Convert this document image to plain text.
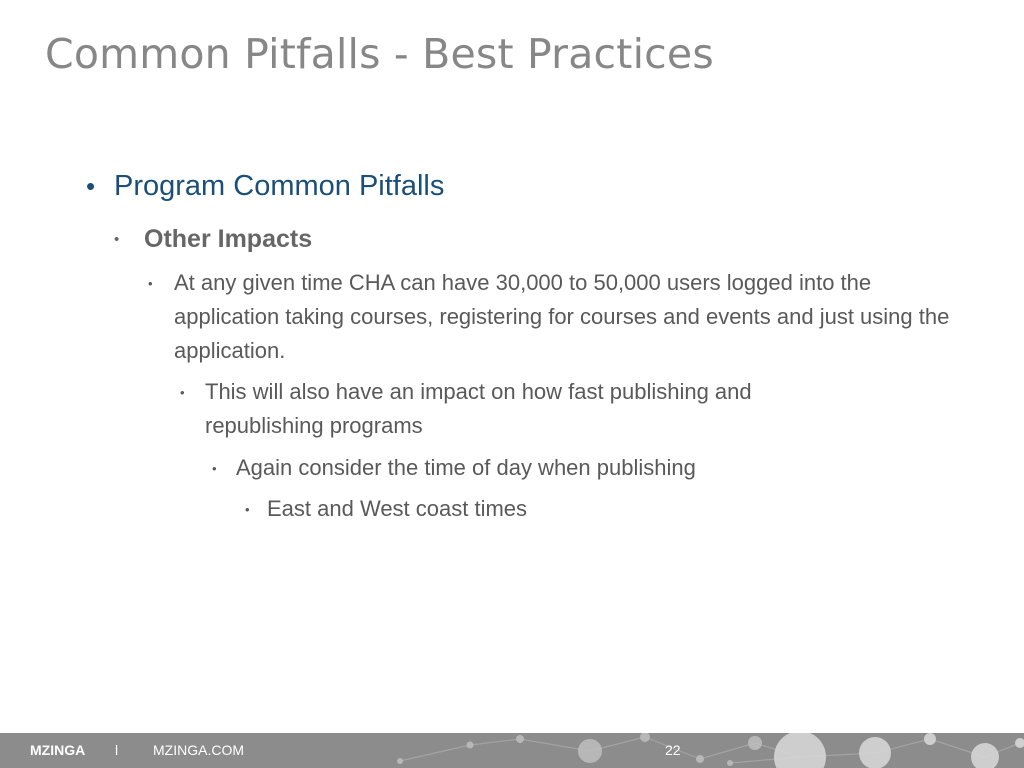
Common Pitfalls - Best Practices
• Program Common Pitfalls
• Other Impacts
• At any given time CHA can have 30,000 to 50,000 users logged into the application taking courses, registering for courses and events and just using the application.
• This will also have an impact on how fast publishing and republishing programs
• Again consider the time of day when publishing
• East and West coast times
MZINGA l MZINGA.COM	22
